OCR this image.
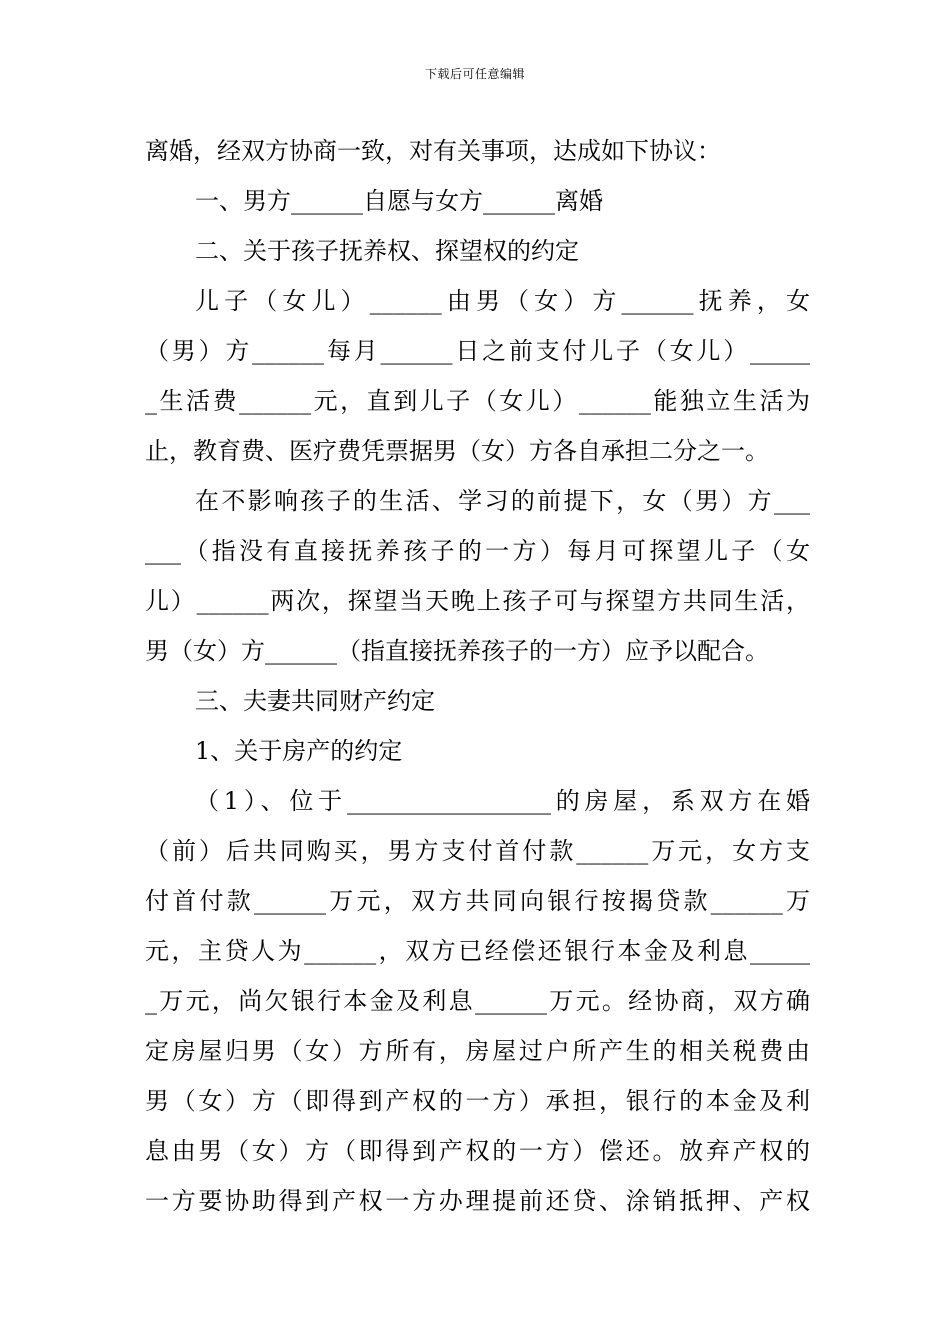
下载后可任意编辑
离婚，经双方协商一致，对有关事项，达成如下协议：
一、男方______自愿与女方______离婚
二、关于孩子抚养权、探望权的约定
儿子（女儿）______由男（女）方______抚养，女
（男）方______每月______日之前支付儿子（女儿）_____
_生活费______元，直到儿子（女儿）______能独立生活为
止，教育费、医疗费凭票据男（女）方各自承担二分之一。
在不影响孩子的生活、学习的前提下，女（男）方___
___（指没有直接抚养孩子的一方）每月可探望儿子（女
儿）______两次，探望当天晚上孩子可与探望方共同生活，
男（女）方______（指直接抚养孩子的一方）应予以配合。
三、夫妻共同财产约定
1、关于房产的约定
（1）、位于_________________的房屋，系双方在婚
（前）后共同购买，男方支付首付款______万元，女方支
付首付款______万元，双方共同向银行按揭贷款______万
元，主贷人为______，双方已经偿还银行本金及利息_____
_万元，尚欠银行本金及利息______万元。经协商，双方确
定房屋归男（女）方所有，房屋过户所产生的相关税费由
男（女）方（即得到产权的一方）承担，银行的本金及利
息由男（女）方（即得到产权的一方）偿还。放弃产权的
一方要协助得到产权一方办理提前还贷、涂销抵押、产权
